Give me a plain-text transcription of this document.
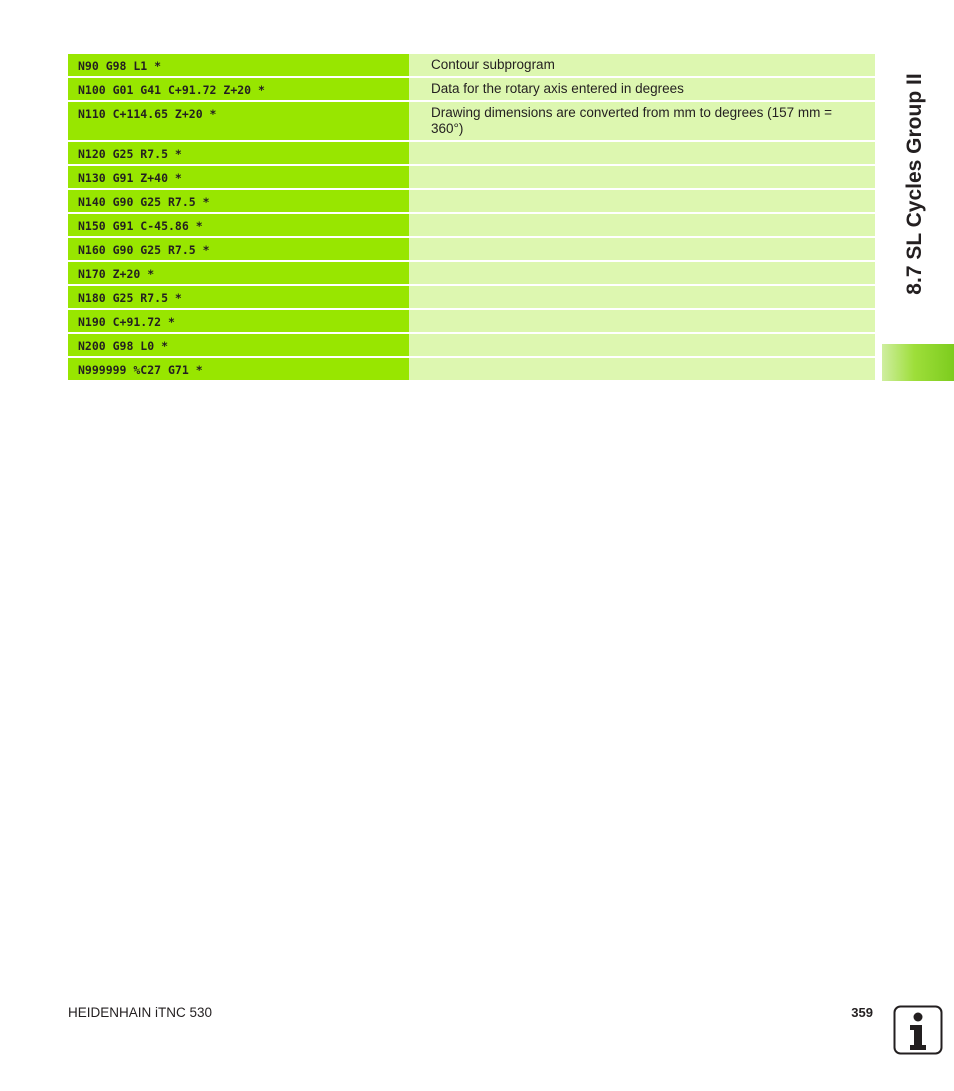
N90 G98 L1 *	Contour subprogram
N100 G01 G41 C+91.72 Z+20 *	Data for the rotary axis entered in degrees
N110 C+114.65 Z+20 *	Drawing dimensions are converted from mm to degrees (157 mm = 360°)
N120 G25 R7.5 *
N130 G91 Z+40 *
N140 G90 G25 R7.5 *
N150 G91 C-45.86 *
N160 G90 G25 R7.5 *
N170 Z+20 *
N180 G25 R7.5 *
N190 C+91.72 *
N200 G98 L0 *
N999999 %C27 G71 *
8.7 SL Cycles Group II
HEIDENHAIN iTNC 530	359
